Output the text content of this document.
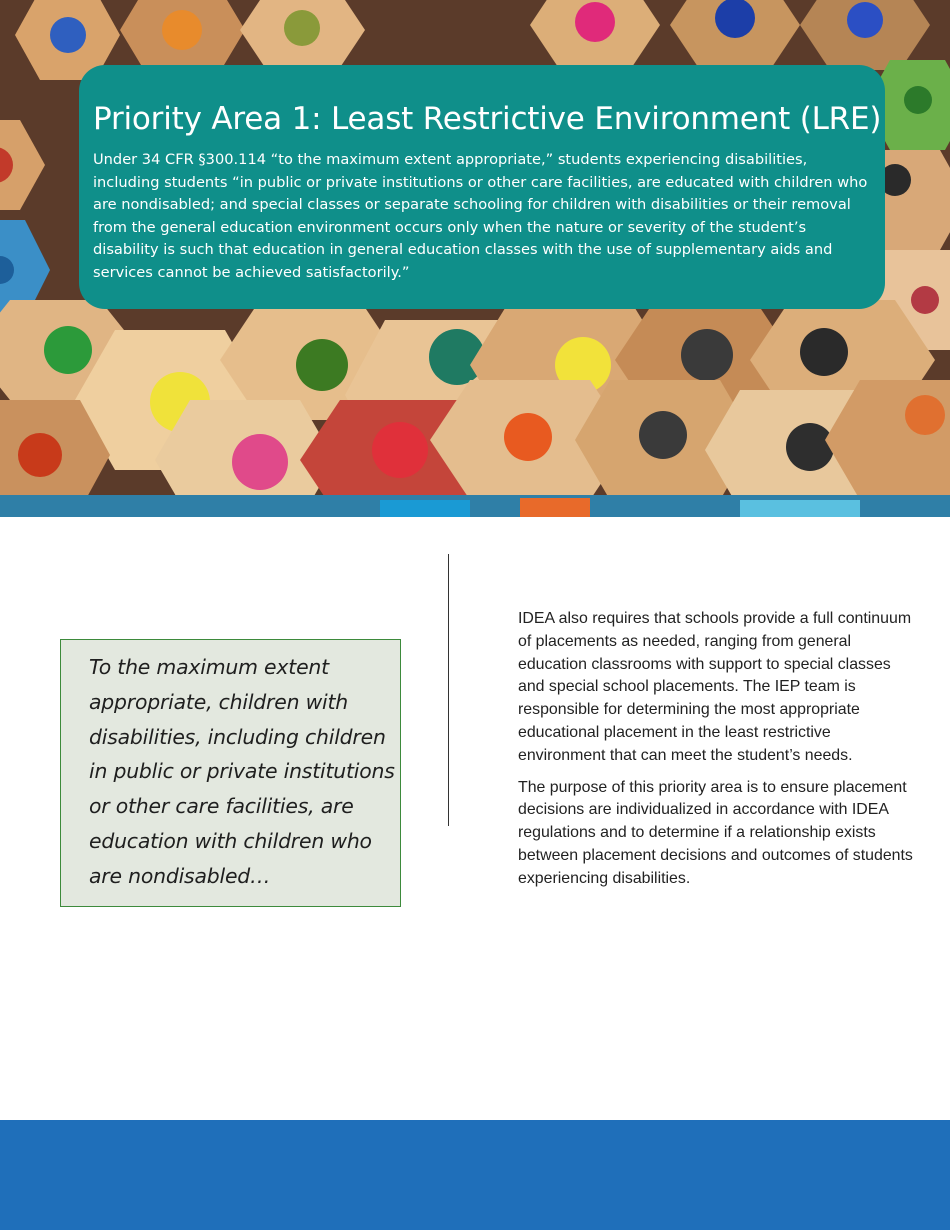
Priority Area 1: Least Restrictive Environment (LRE)

Under 34 CFR §300.114 “to the maximum extent appropriate,” students experiencing disabilities, including students “in public or private institutions or other care facilities, are educated with children who are nondisabled; and special classes or separate schooling for children with disabilities or their removal from the general education environment occurs only when the nature or severity of the student’s disability is such that education in general education classes with the use of supplementary aids and services cannot be achieved satisfactorily.”

To the maximum extent appropriate, children with disabilities, including children in public or private institutions or other care facilities, are education with children who are nondisabled…

IDEA also requires that schools provide a full continuum of placements as needed, ranging from general education classrooms with support to special classes and special school placements. The IEP team is responsible for determining the most appropriate educational placement in the least restrictive environment that can meet the student’s needs.

The purpose of this priority area is to ensure placement decisions are individualized in accordance with IDEA regulations and to determine if a relationship exists between placement decisions and outcomes of students experiencing disabilities.
